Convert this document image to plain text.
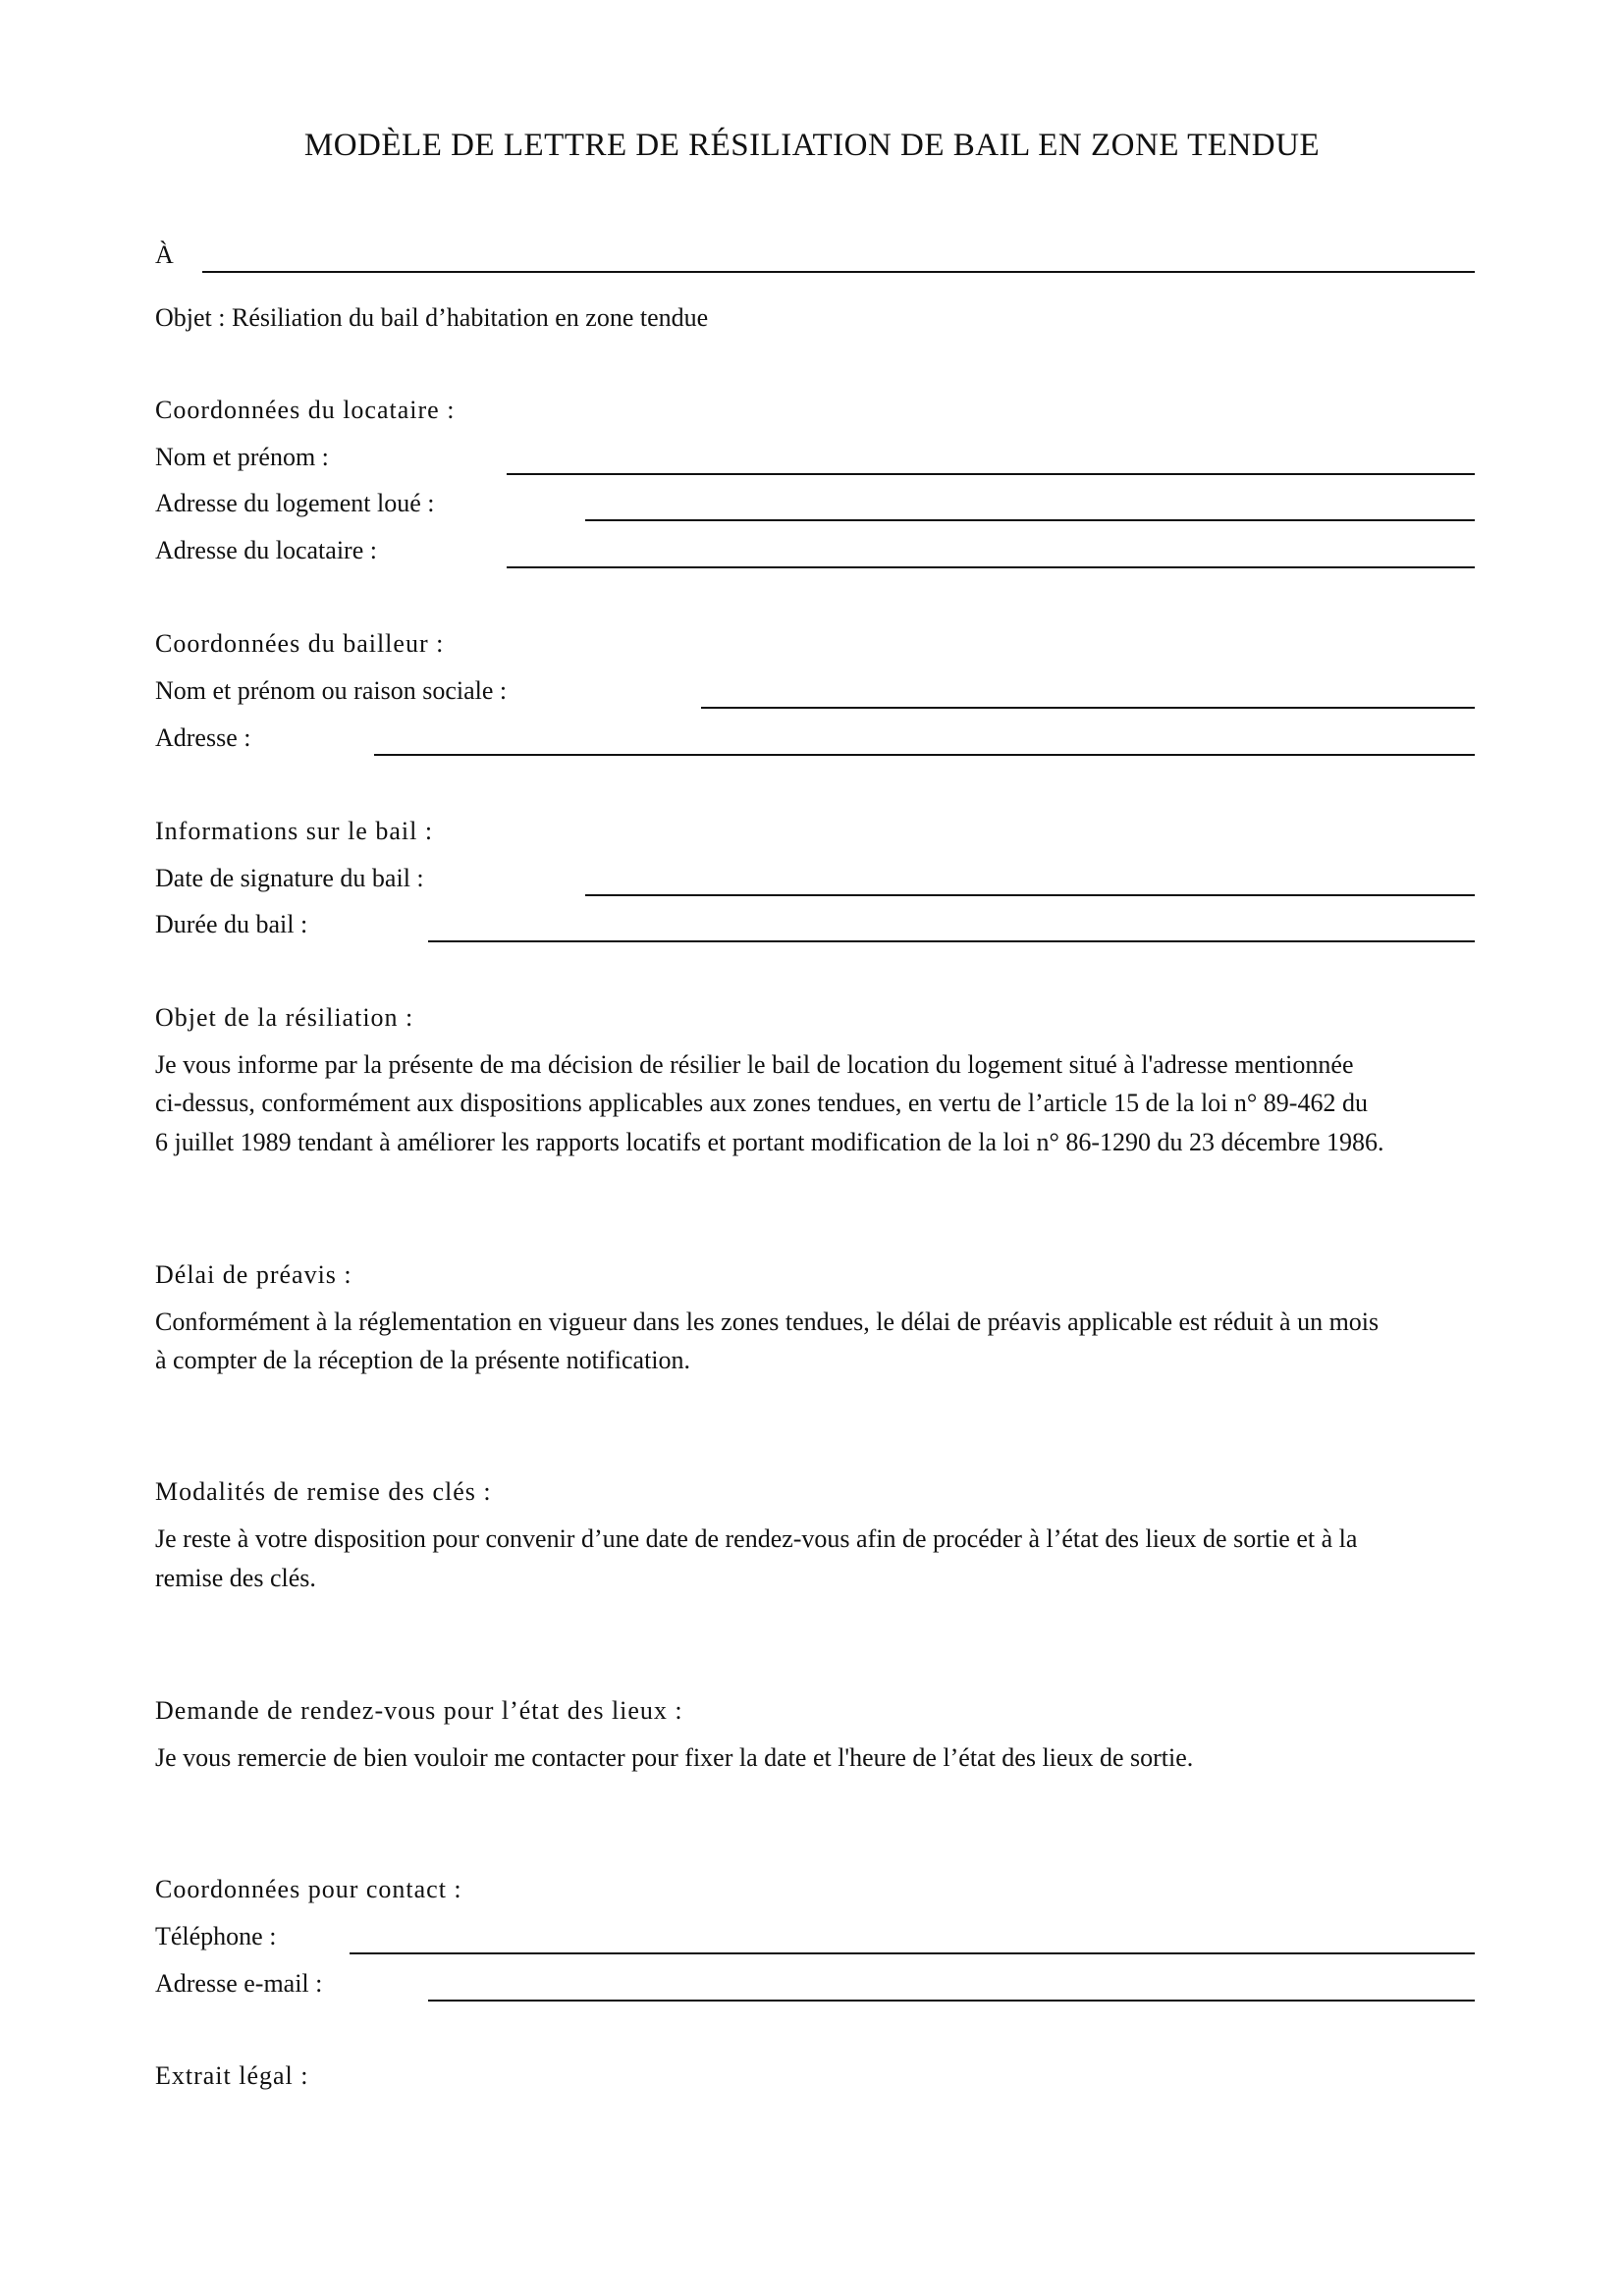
MODÈLE DE LETTRE DE RÉSILIATION DE BAIL EN ZONE TENDUE
À
Objet : Résiliation du bail d’habitation en zone tendue
Coordonnées du locataire :
Nom et prénom :
Adresse du logement loué :
Adresse du locataire :
Coordonnées du bailleur :
Nom et prénom ou raison sociale :
Adresse :
Informations sur le bail :
Date de signature du bail :
Durée du bail :
Objet de la résiliation :
Je vous informe par la présente de ma décision de résilier le bail de location du logement situé à l'adresse mentionnée
ci-dessus, conformément aux dispositions applicables aux zones tendues, en vertu de l’article 15 de la loi n° 89-462 du
6 juillet 1989 tendant à améliorer les rapports locatifs et portant modification de la loi n° 86-1290 du 23 décembre 1986.
Délai de préavis :
Conformément à la réglementation en vigueur dans les zones tendues, le délai de préavis applicable est réduit à un mois
à compter de la réception de la présente notification.
Modalités de remise des clés :
Je reste à votre disposition pour convenir d’une date de rendez-vous afin de procéder à l’état des lieux de sortie et à la
remise des clés.
Demande de rendez-vous pour l’état des lieux :
Je vous remercie de bien vouloir me contacter pour fixer la date et l'heure de l’état des lieux de sortie.
Coordonnées pour contact :
Téléphone :
Adresse e-mail :
Extrait légal :
